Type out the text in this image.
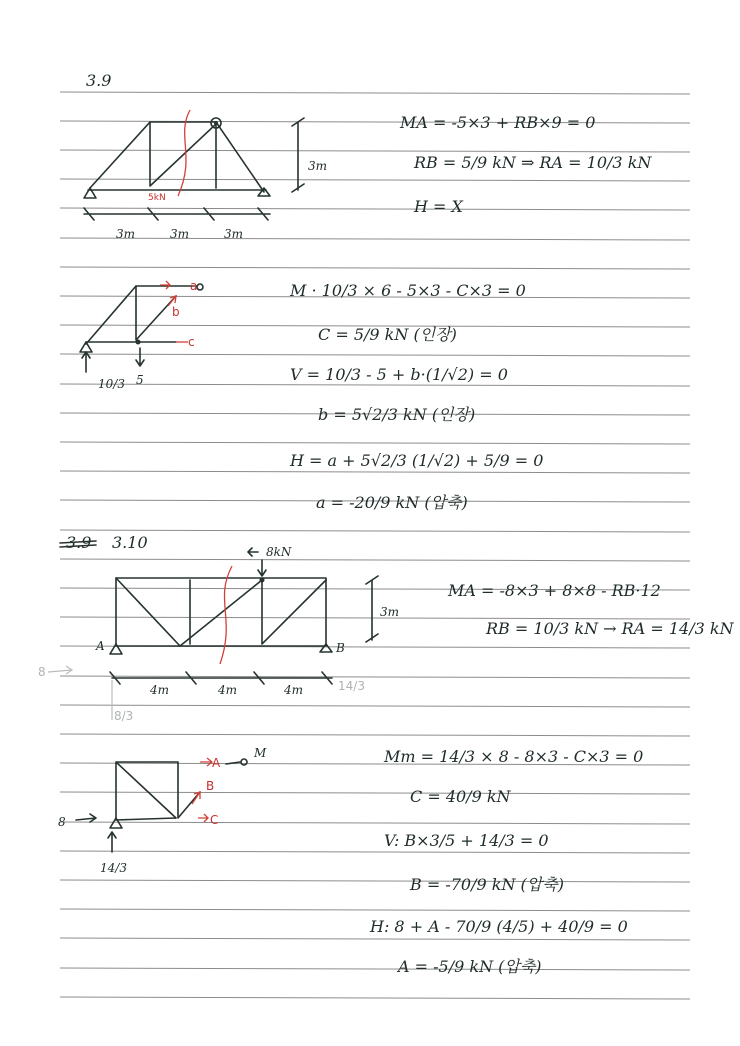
3.9
5kN
3m
3m	3m	3m
MA = -5×3 + RB×9 = 0
RB = 5/9 kN ⇒ RA = 10/3 kN
H = X
a
b
c
10/3 5
M · 10/3 × 6 - 5×3 - C×3 = 0
C = 5/9 kN (인장)
V = 10/3 - 5 + b·(1/√2) = 0
b = 5√2/3 kN (인장)
H = a + 5√2/3 (1/√2) + 5/9 = 0
a = -20/9 kN (압축)
3.9 3.10	8kN
A	B
3m
4m	4m	4m
8
8/3
14/3
MA = -8×3 + 8×8 - RB·12
RB = 10/3 kN → RA = 14/3 kN
A
B
C
M
8
14/3
Mm = 14/3 × 8 - 8×3 - C×3 = 0
C = 40/9 kN
V: B×3/5 + 14/3 = 0
B = -70/9 kN (압축)
H: 8 + A - 70/9 (4/5) + 40/9 = 0
A = -5/9 kN (압축)
